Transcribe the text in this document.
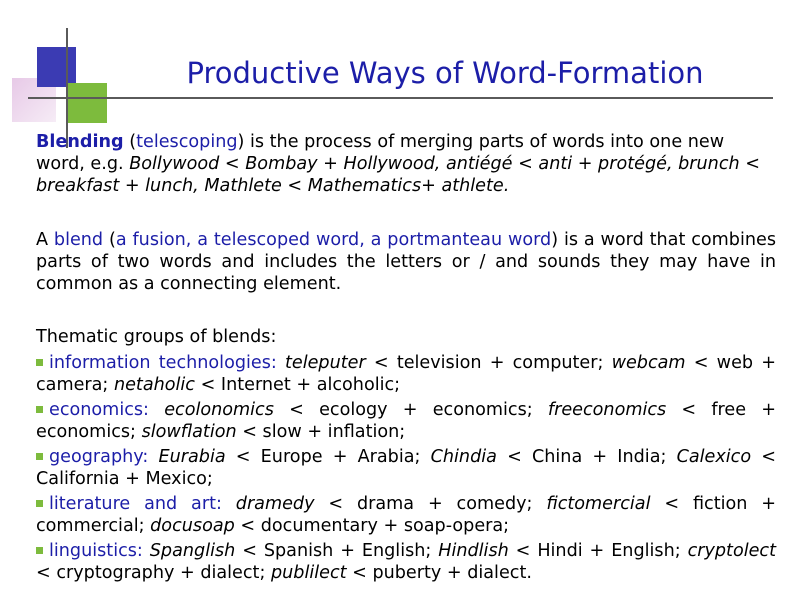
Productive Ways of Word-Formation
Blending (telescoping) is the process of merging parts of words into one new word, e.g. Bollywood < Bombay + Hollywood, antiégé < anti + protégé, brunch < breakfast + lunch, Mathlete < Mathematics+ athlete.
A blend (a fusion, a telescoped word, a portmanteau word) is a word that combines parts of two words and includes the letters or / and sounds they may have in common as a connecting element.
Thematic groups of blends:
information technologies: teleputer < television + computer; webcam < web + camera; netaholic < Internet + alcoholic;
economics: ecolonomics < ecology + economics; freeconomics < free + economics; slowflation < slow + inflation;
geography: Eurabia < Europe + Arabia; Chindia < China + India; Calexico < California + Mexico;
literature and art: dramedy < drama + comedy; fictomercial < fiction + commercial; docusoap < documentary + soap-opera;
linguistics: Spanglish < Spanish + English; Hindlish < Hindi + English; cryptolect < cryptography + dialect; publilect < puberty + dialect.
